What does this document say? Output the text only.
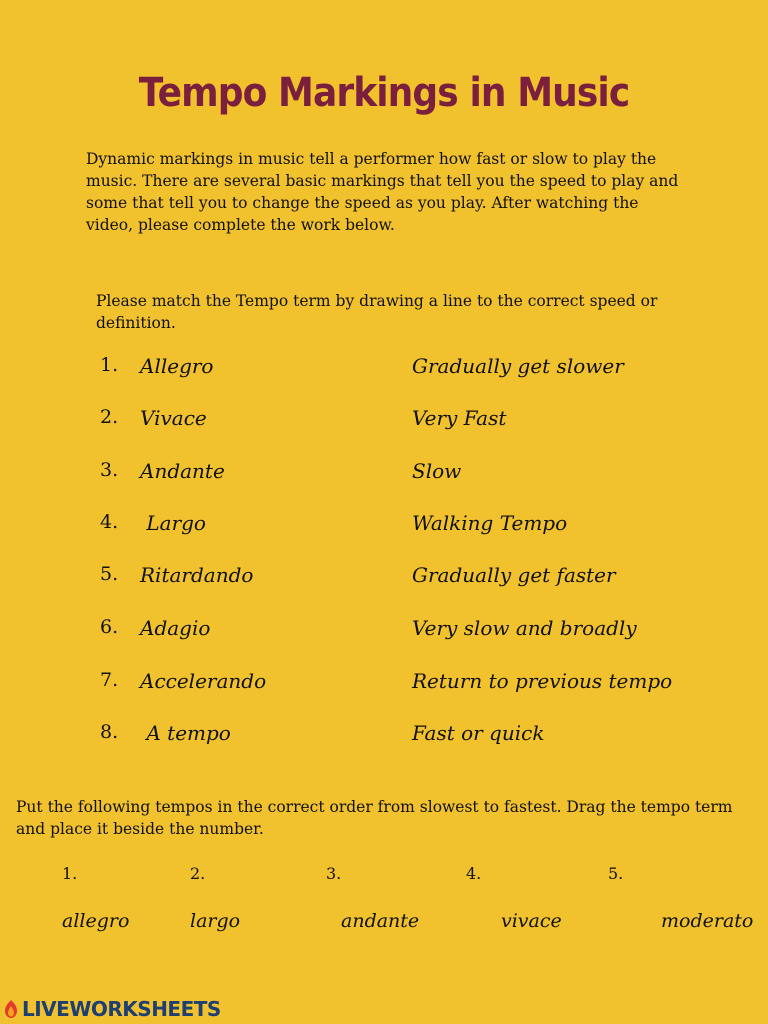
Tempo Markings in Music
Dynamic markings in music tell a performer how fast or slow to play the music. There are several basic markings that tell you the speed to play and some that tell you to change the speed as you play. After watching the video, please complete the work below.
Please match the Tempo term by drawing a line to the correct speed or definition.
1. Allegro	Gradually get slower
2. Vivace	Very Fast
3. Andante	Slow
4. Largo	Walking Tempo
5. Ritardando	Gradually get faster
6. Adagio	Very slow and broadly
7. Accelerando	Return to previous tempo
8. A tempo	Fast or quick
Put the following tempos in the correct order from slowest to fastest. Drag the tempo term and place it beside the number.
1.	2.	3.	4.	5.
allegro	largo	andante	vivace	moderato
LIVEWORKSHEETS
